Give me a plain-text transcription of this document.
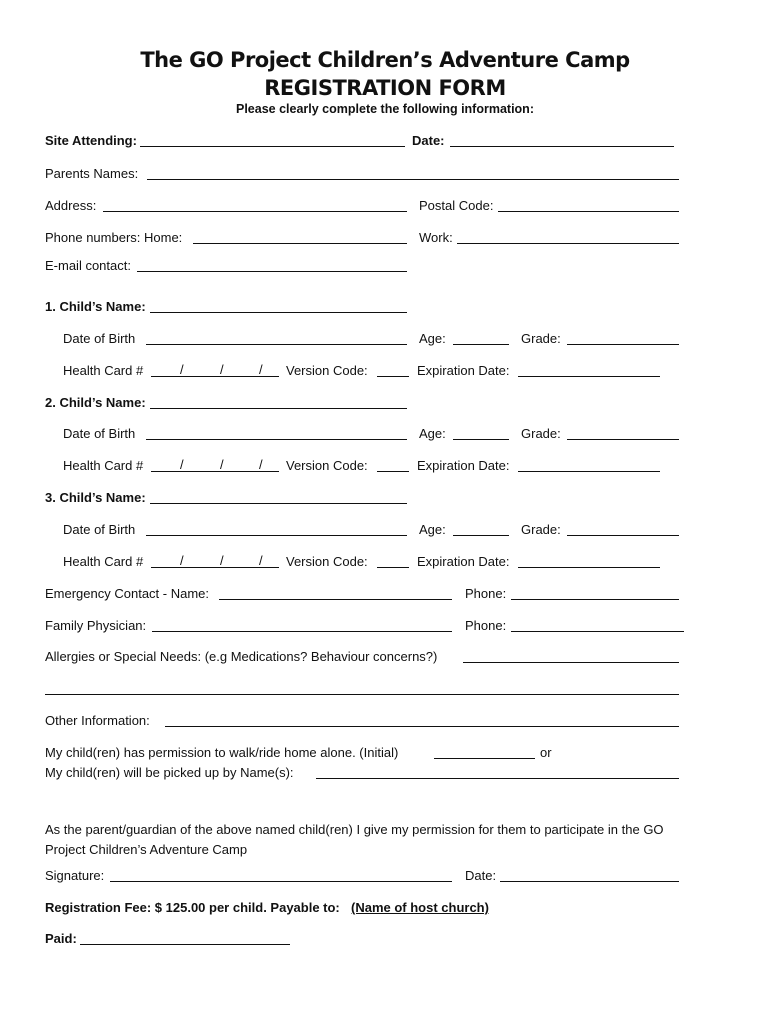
The GO Project Children’s Adventure Camp
REGISTRATION FORM
Please clearly complete the following information:
Site Attending:	Date:
Parents Names:
Address:	Postal Code:
Phone numbers: Home:	Work:
E-mail contact:
1. Child’s Name:
Date of Birth	Age:	Grade:
Health Card #	/	/	/ Version Code:	Expiration Date:
2. Child’s Name:
Date of Birth	Age:	Grade:
Health Card #	/	/	/ Version Code:	Expiration Date:
3. Child’s Name:
Date of Birth	Age:	Grade:
Health Card #	/	/	/ Version Code:	Expiration Date:
Emergency Contact - Name:	Phone:
Family Physician:	Phone:
Allergies or Special Needs: (e.g Medications? Behaviour concerns?)
Other Information:
My child(ren) has permission to walk/ride home alone. (Initial)	or
My child(ren) will be picked up by Name(s):
As the parent/guardian of the above named child(ren) I give my permission for them to participate in the GO
Project Children’s Adventure Camp
Signature:	Date:
Registration Fee: $ 125.00 per child. Payable to: (Name of host church)
Paid:
